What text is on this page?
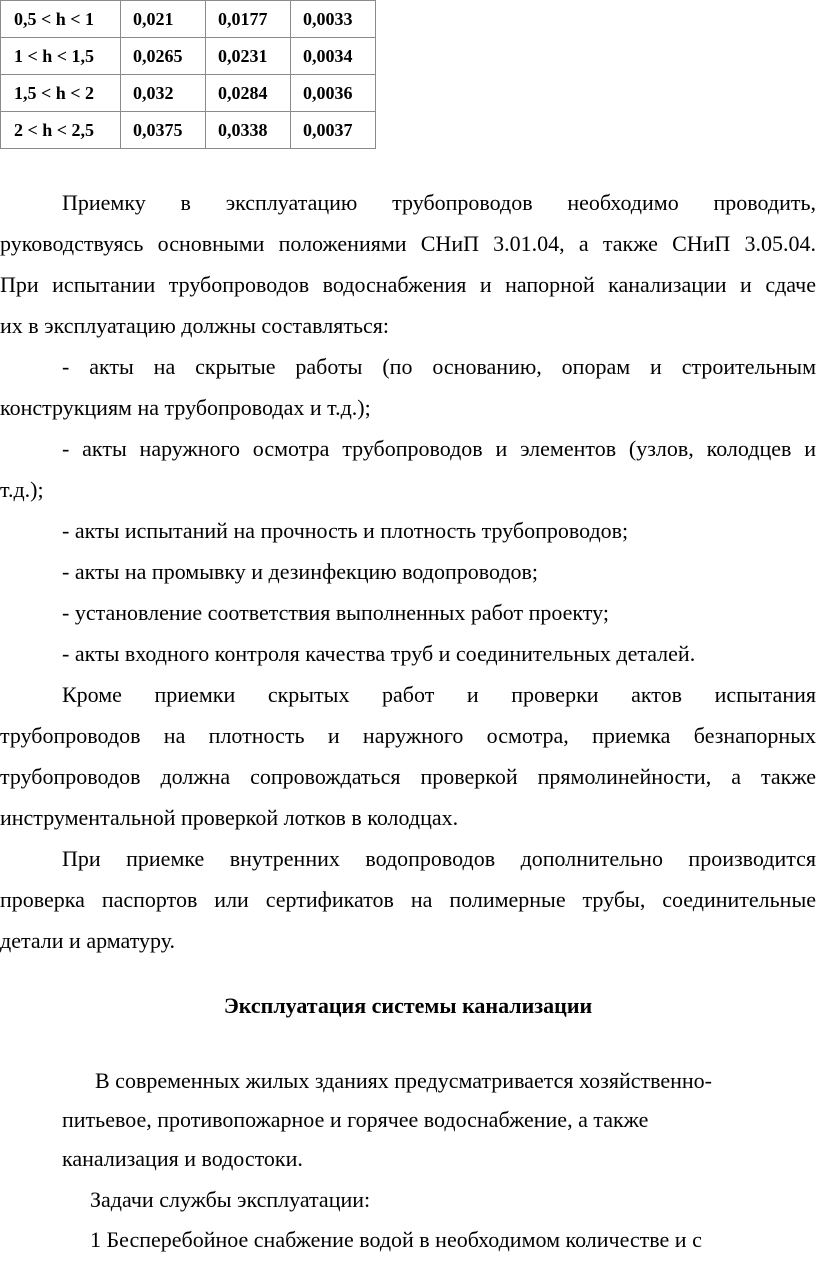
0,5 < h < 1	0,021	0,0177	0,0033
1 < h < 1,5	0,0265	0,0231	0,0034
1,5 < h < 2	0,032	0,0284	0,0036
2 < h < 2,5	0,0375	0,0338	0,0037
Приемку в эксплуатацию трубопроводов необходимо проводить,
руководствуясь основными положениями СНиП 3.01.04, а также СНиП 3.05.04.
При испытании трубопроводов водоснабжения и напорной канализации и сдаче
их в эксплуатацию должны составляться:
- акты на скрытые работы (по основанию, опорам и строительным
конструкциям на трубопроводах и т.д.);
- акты наружного осмотра трубопроводов и элементов (узлов, колодцев и
т.д.);
- акты испытаний на прочность и плотность трубопроводов;
- акты на промывку и дезинфекцию водопроводов;
- установление соответствия выполненных работ проекту;
- акты входного контроля качества труб и соединительных деталей.
Кроме приемки скрытых работ и проверки актов испытания
трубопроводов на плотность и наружного осмотра, приемка безнапорных
трубопроводов должна сопровождаться проверкой прямолинейности, а также
инструментальной проверкой лотков в колодцах.
При приемке внутренних водопроводов дополнительно производится
проверка паспортов или сертификатов на полимерные трубы, соединительные
детали и арматуру.
Эксплуатация системы канализации
В современных жилых зданиях предусматривается хозяйственно-
питьевое, противопожарное и горячее водоснабжение, а также
канализация и водостоки.
Задачи службы эксплуатации:
1 Бесперебойное снабжение водой в необходимом количестве и с
